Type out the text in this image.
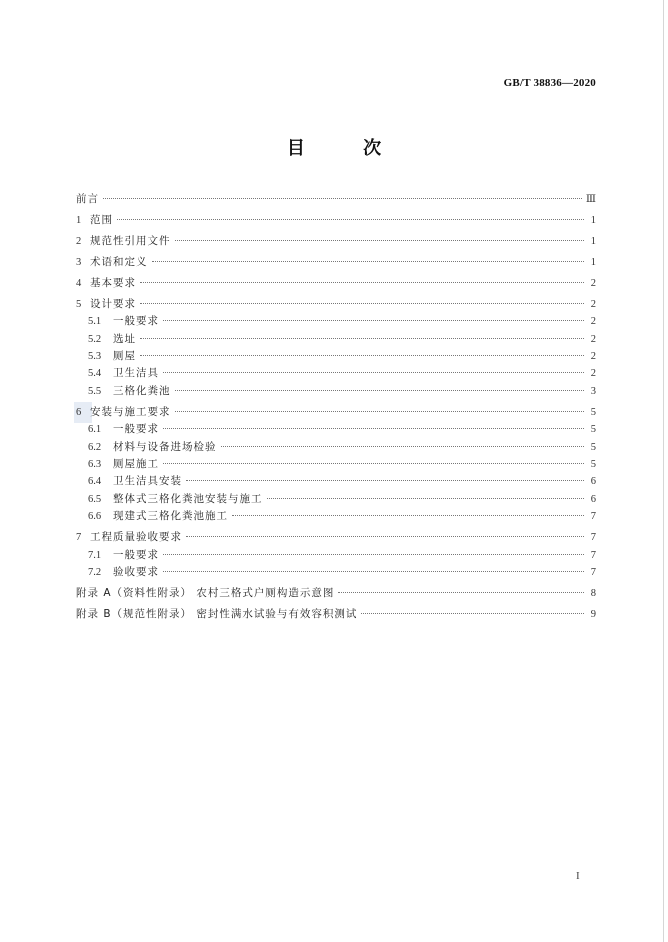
GB/T 38836—2020
目 次
前言	Ⅲ
1 范围	1
2 规范性引用文件	1
3 术语和定义	1
4 基本要求	2
5 设计要求	2
5.1	一般要求	2
5.2	选址	2
5.3	厕屋	2
5.4	卫生洁具	2
5.5	三格化粪池	3
6 安装与施工要求	5
6.1	一般要求	5
6.2	材料与设备进场检验	5
6.3	厕屋施工	5
6.4	卫生洁具安装	6
6.5	整体式三格化粪池安装与施工	6
6.6	现建式三格化粪池施工	7
7 工程质量验收要求	7
7.1	一般要求	7
7.2	验收要求	7
附录 A（资料性附录） 农村三格式户厕构造示意图	8
附录 B（规范性附录） 密封性满水试验与有效容积测试	9
I
